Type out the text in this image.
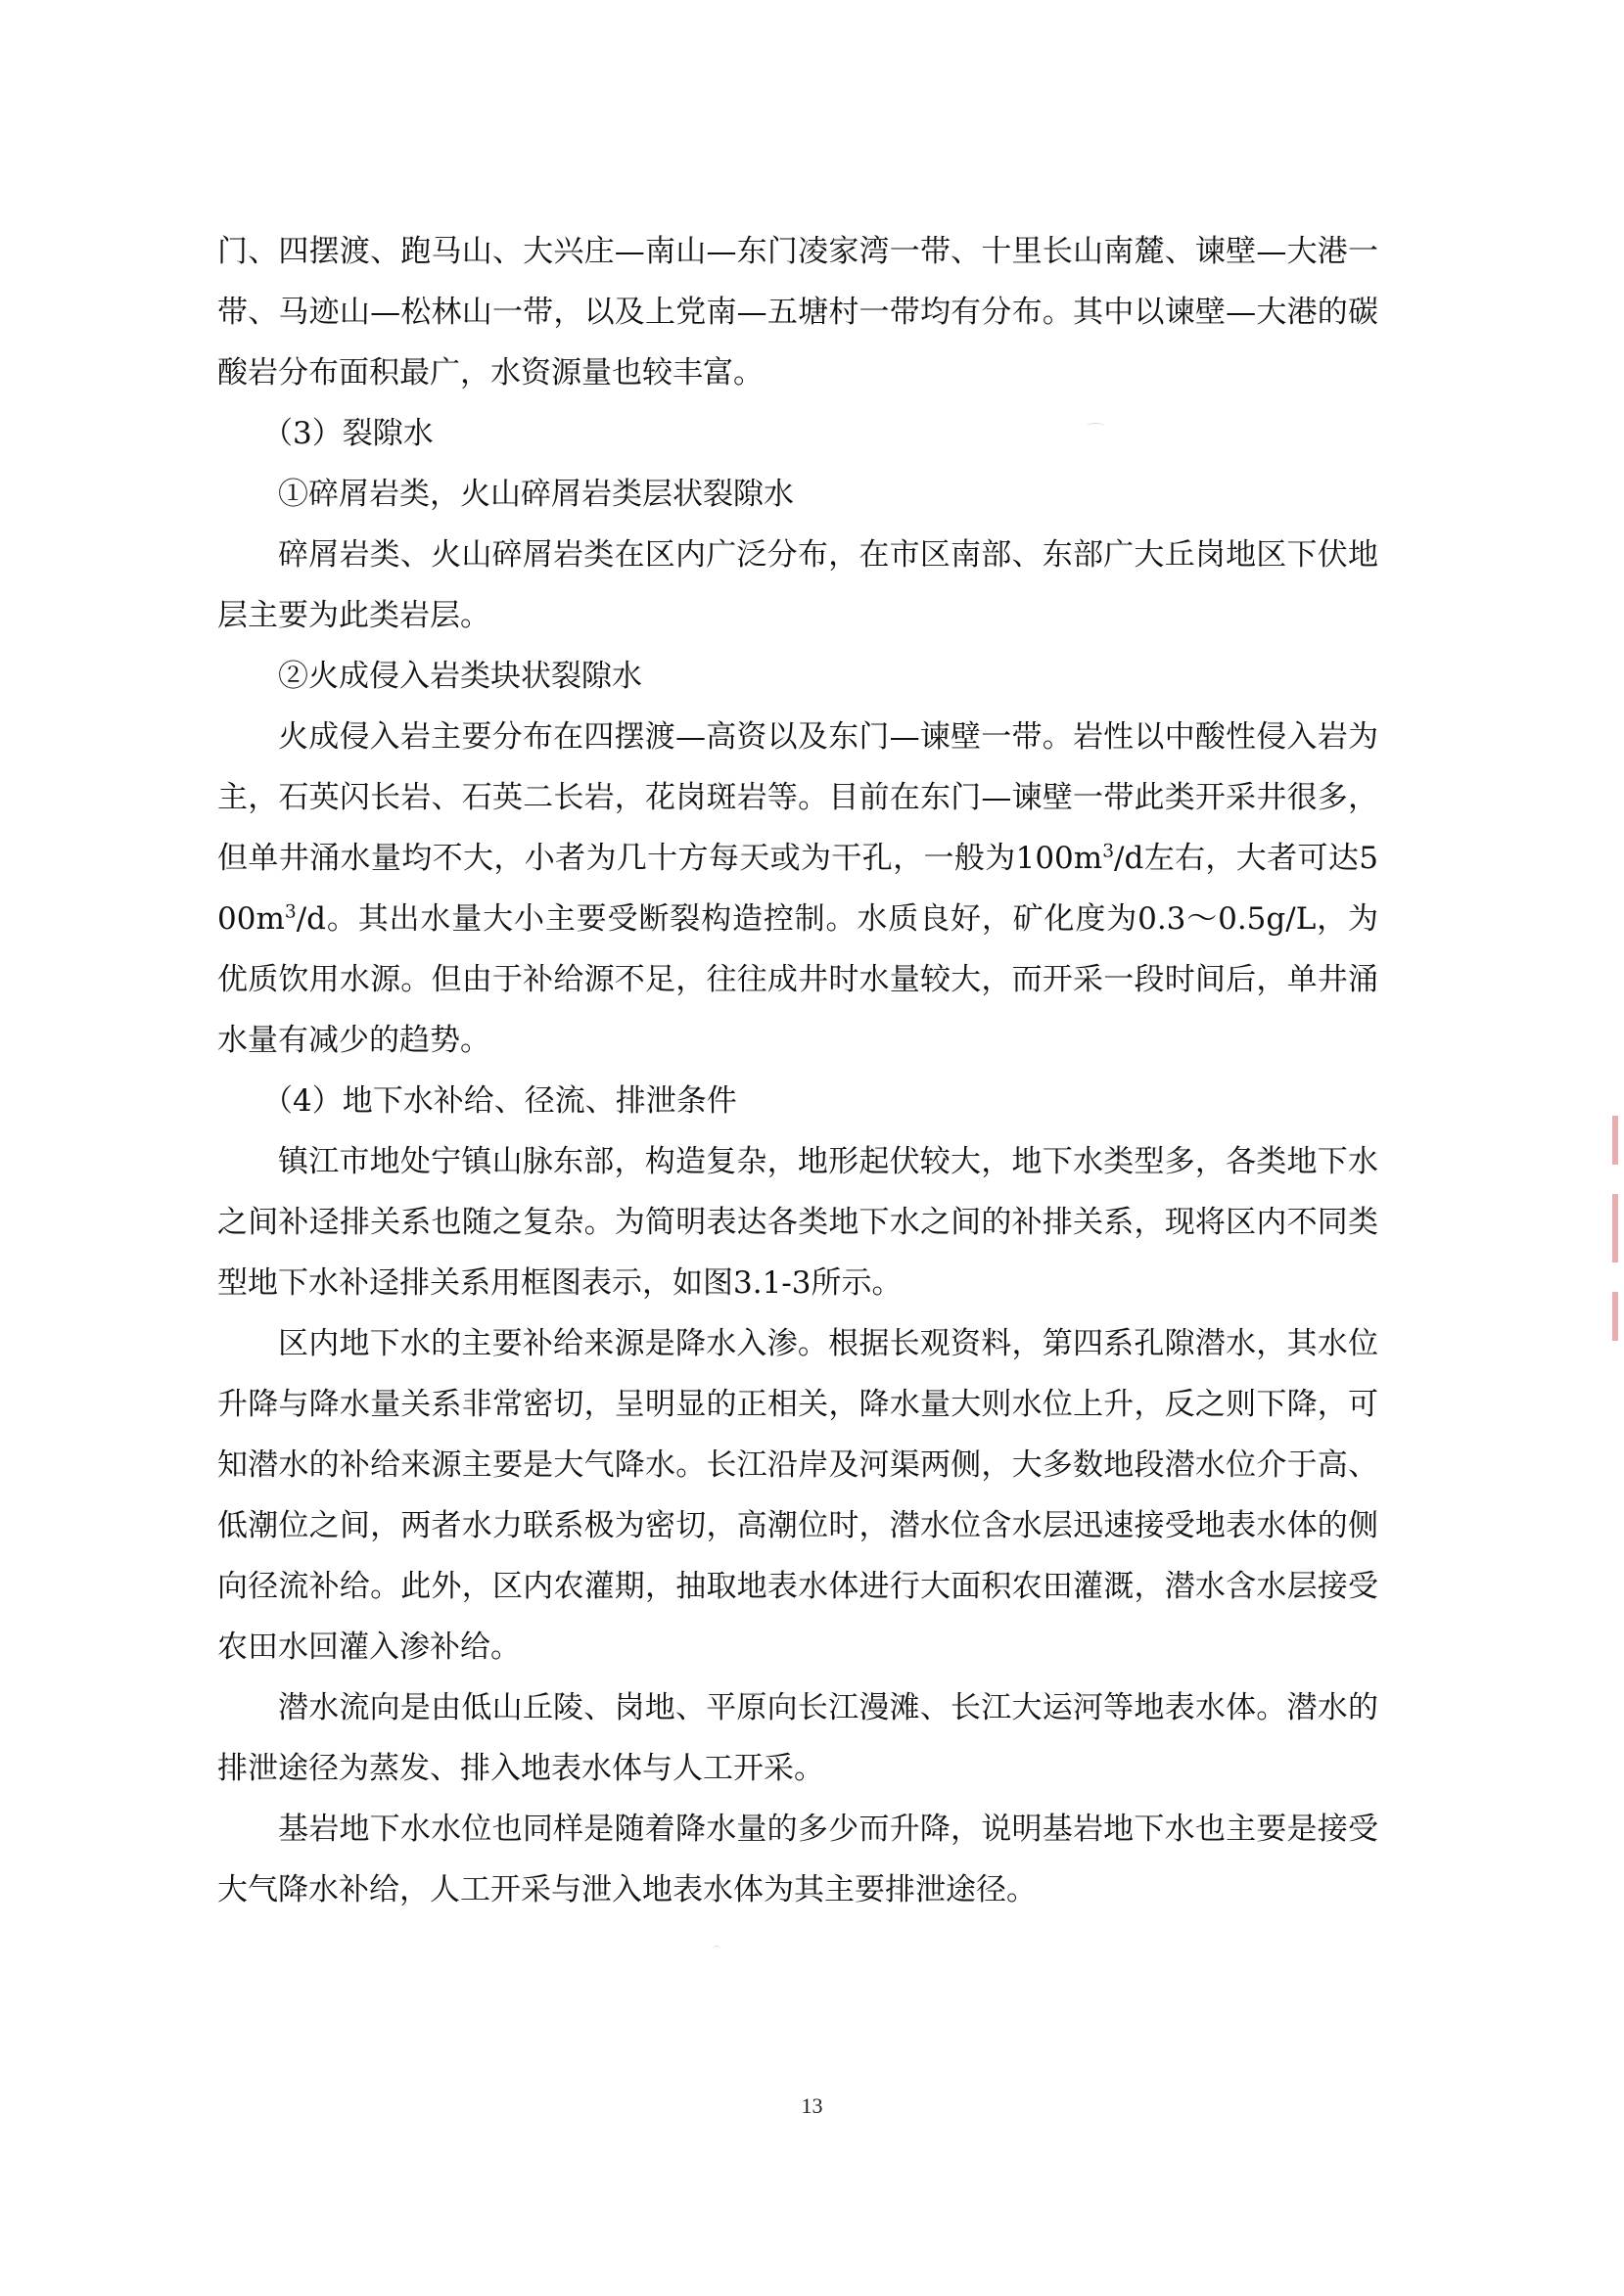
门、四摆渡、跑马山、大兴庄—南山—东门凌家湾一带、十里长山南麓、谏壁—大港一带、马迹山—松林山一带，以及上党南—五塘村一带均有分布。其中以谏壁—大港的碳酸岩分布面积最广，水资源量也较丰富。

（3）裂隙水

①碎屑岩类，火山碎屑岩类层状裂隙水

碎屑岩类、火山碎屑岩类在区内广泛分布，在市区南部、东部广大丘岗地区下伏地层主要为此类岩层。

②火成侵入岩类块状裂隙水

火成侵入岩主要分布在四摆渡—高资以及东门—谏壁一带。岩性以中酸性侵入岩为主，石英闪长岩、石英二长岩，花岗斑岩等。目前在东门—谏壁一带此类开采井很多，但单井涌水量均不大，小者为几十方每天或为干孔，一般为$100m^3/d$左右，大者可达$500m^3/d$。其出水量大小主要受断裂构造控制。水质良好，矿化度为0.3～0.5g/L，为优质饮用水源。但由于补给源不足，往往成井时水量较大，而开采一段时间后，单井涌水量有减少的趋势。

（4）地下水补给、径流、排泄条件

镇江市地处宁镇山脉东部，构造复杂，地形起伏较大，地下水类型多，各类地下水之间补迳排关系也随之复杂。为简明表达各类地下水之间的补排关系，现将区内不同类型地下水补迳排关系用框图表示，如图3.1-3所示。

区内地下水的主要补给来源是降水入渗。根据长观资料，第四系孔隙潜水，其水位升降与降水量关系非常密切，呈明显的正相关，降水量大则水位上升，反之则下降，可知潜水的补给来源主要是大气降水。长江沿岸及河渠两侧，大多数地段潜水位介于高、低潮位之间，两者水力联系极为密切，高潮位时，潜水位含水层迅速接受地表水体的侧向径流补给。此外，区内农灌期，抽取地表水体进行大面积农田灌溉，潜水含水层接受农田水回灌入渗补给。

潜水流向是由低山丘陵、岗地、平原向长江漫滩、长江大运河等地表水体。潜水的排泄途径为蒸发、排入地表水体与人工开采。

基岩地下水水位也同样是随着降水量的多少而升降，说明基岩地下水也主要是接受大气降水补给，人工开采与泄入地表水体为其主要排泄途径。

13
